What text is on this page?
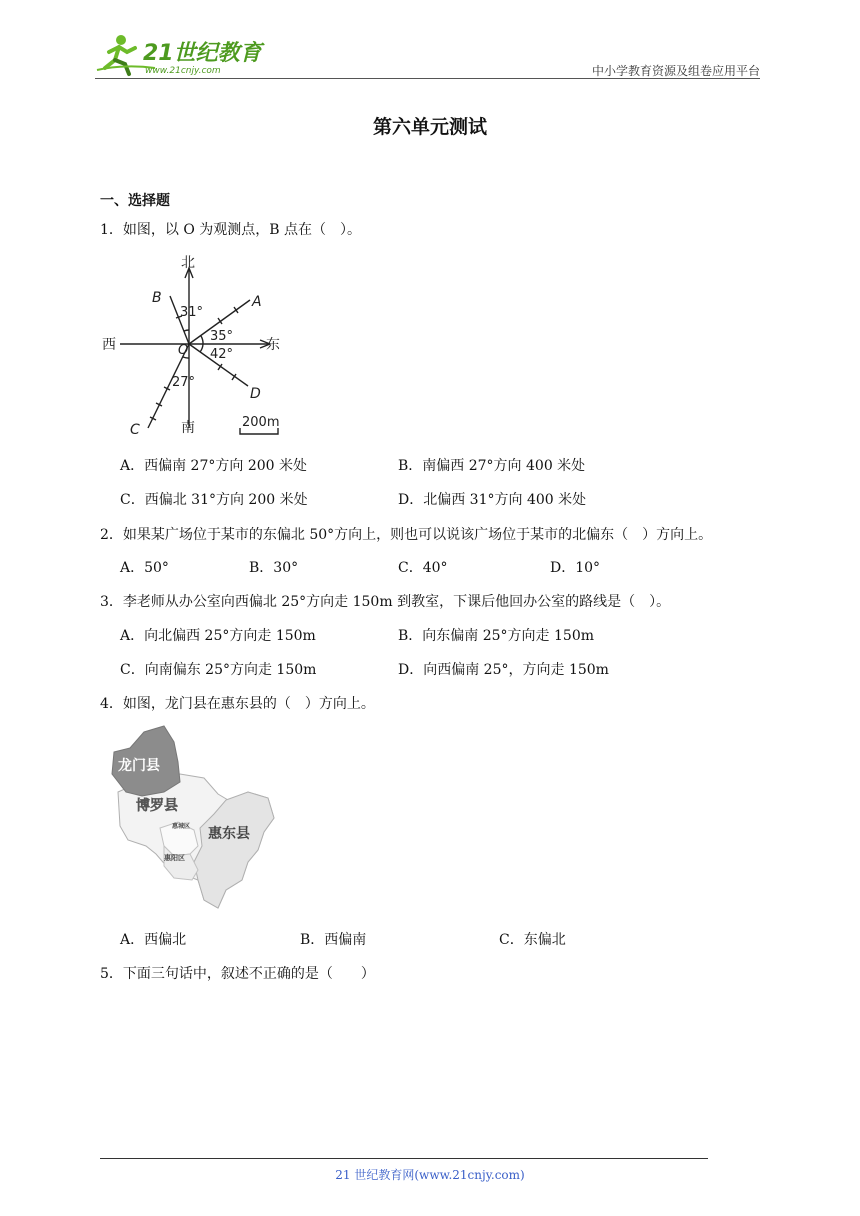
21世纪教育
www.21cnjy.com	中小学教育资源及组卷应用平台
第六单元测试
一、选择题
1．如图，以 O 为观测点，B 点在（　）。
北
南
东
西
A
B
C
D
O
31°
35°
42°
27°
200m
A．西偏南 27°方向 200 米处	B．南偏西 27°方向 400 米处
C．西偏北 31°方向 200 米处	D．北偏西 31°方向 400 米处
2．如果某广场位于某市的东偏北 50°方向上，则也可以说该广场位于某市的北偏东（　）方向上。
A．50°	B．30°	C．40°	D．10°
3．李老师从办公室向西偏北 25°方向走 150m 到教室，下课后他回办公室的路线是（　）。
A．向北偏西 25°方向走 150m	B．向东偏南 25°方向走 150m
C．向南偏东 25°方向走 150m	D．向西偏南 25°，方向走 150m
4．如图，龙门县在惠东县的（　）方向上。
龙门县
博罗县
惠东县
惠城区
惠阳区
A．西偏北	B．西偏南	C．东偏北
5．下面三句话中，叙述不正确的是（　　）
21 世纪教育网(www.21cnjy.com)
